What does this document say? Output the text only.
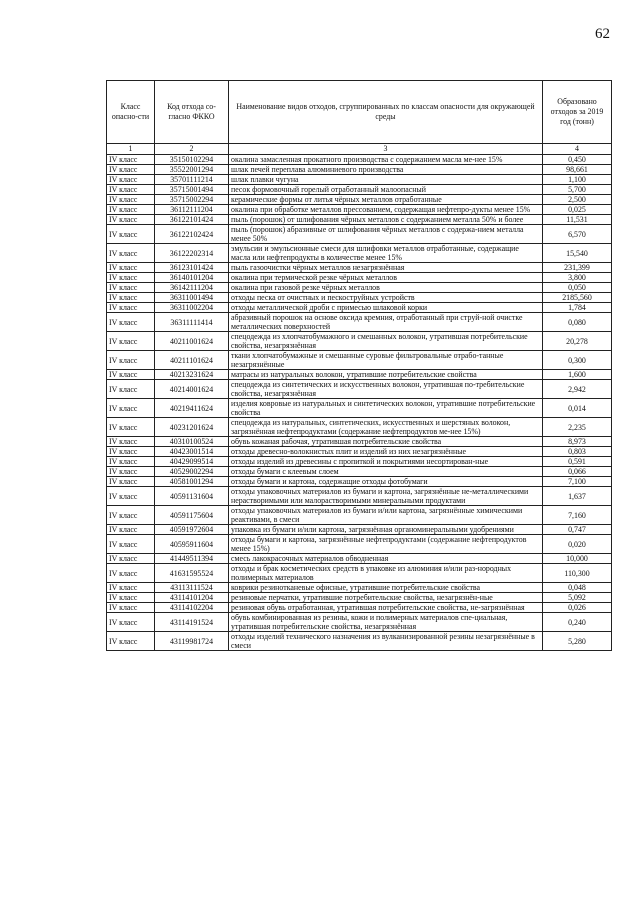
62
Класс опасно-сти	Код отхода со-гласно ФККО	Наименование видов отходов, сгруппированных по классам опасности для окружающей среды	Образовано отходов за 2019 год (тонн)
1	2	3	4
IV класс	35150102294	окалина замасленная прокатного производства с содержанием масла ме-нее 15%	0,450
IV класс	35522001294	шлак печей переплава алюминиевого производства	98,661
IV класс	35701111214	шлак плавки чугуна	1,100
IV класс	35715001494	песок формовочный горелый отработанный малоопасный	5,700
IV класс	35715002294	керамические формы от литья чёрных металлов отработанные	2,500
IV класс	36112111204	окалина при обработке металлов прессованием, содержащая нефтепро-дукты менее 15%	0,025
IV класс	36122101424	пыль (порошок) от шлифования чёрных металлов с содержанием металла 50% и более	11,531
IV класс	36122102424	пыль (порошок) абразивные от шлифования чёрных металлов с содержа-нием металла менее 50%	6,570
IV класс	36122202314	эмульсии и эмульсионные смеси для шлифовки металлов отработанные, содержащие масла или нефтепродукты в количестве менее 15%	15,540
IV класс	36123101424	пыль газоочистки чёрных металлов незагрязнённая	231,399
IV класс	36140101204	окалина при термической резке чёрных металлов	3,800
IV класс	36142111204	окалина при газовой резке чёрных металлов	0,050
IV класс	36311001494	отходы песка от очистных и пескоструйных устройств	2185,560
IV класс	36311002204	отходы металлической дроби с примесью шлаковой корки	1,784
IV класс	36311111414	абразивный порошок на основе оксида кремния, отработанный при струй-ной очистке металлических поверхностей	0,080
IV класс	40211001624	спецодежда из хлопчатобумажного и смешанных волокон, утратившая потребительские свойства, незагрязнённая	20,278
IV класс	40211101624	ткани хлопчатобумажные и смешанные суровые фильтровальные отрабо-танные незагрязнённые	0,300
IV класс	40213231624	матрасы из натуральных волокон, утратившие потребительские свойства	1,600
IV класс	40214001624	спецодежда из синтетических и искусственных волокон, утратившая по-требительские свойства, незагрязнённая	2,942
IV класс	40219411624	изделия ковровые из натуральных и синтетических волокон, утратившие потребительские свойства	0,014
IV класс	40231201624	спецодежда из натуральных, синтетических, искусственных и шерстяных волокон, загрязнённая нефтепродуктами (содержание нефтепродуктов ме-нее 15%)	2,235
IV класс	40310100524	обувь кожаная рабочая, утратившая потребительские свойства	8,973
IV класс	40423001514	отходы древесно-волокнистых плит и изделий из них незагрязнённые	0,803
IV класс	40429099514	отходы изделий из древесины с пропиткой и покрытиями несортирован-ные	0,591
IV класс	40529002294	отходы бумаги с клеевым слоем	0,066
IV класс	40581001294	отходы бумаги и картона, содержащие отходы фотобумаги	7,100
IV класс	40591131604	отходы упаковочных материалов из бумаги и картона, загрязнённые не-металлическими нерастворимыми или малорастворимыми минеральными продуктами	1,637
IV класс	40591175604	отходы упаковочных материалов из бумаги и/или картона, загрязнённые химическими реактивами, в смеси	7,160
IV класс	40591972604	упаковка из бумаги и/или картона, загрязнённая органоминеральными удобрениями	0,747
IV класс	40595911604	отходы бумаги и картона, загрязнённые нефтепродуктами (содержание нефтепродуктов менее 15%)	0,020
IV класс	41449511394	смесь лакокрасочных материалов обводненная	10,000
IV класс	41631595524	отходы и брак косметических средств в упаковке из алюминия и/или раз-нородных полимерных материалов	110,300
IV класс	43113111524	коврики резинотканевые офисные, утратившие потребительские свойства	0,048
IV класс	43114101204	резиновые перчатки, утратившие потребительские свойства, незагрязнён-ные	5,092
IV класс	43114102204	резиновая обувь отработанная, утратившая потребительские свойства, не-загрязнённая	0,026
IV класс	43114191524	обувь комбинированная из резины, кожи и полимерных материалов спе-циальная, утратившая потребительские свойства, незагрязнённая	0,240
IV класс	43119981724	отходы изделий технического назначения из вулканизированной резины незагрязнённые в смеси	5,280
